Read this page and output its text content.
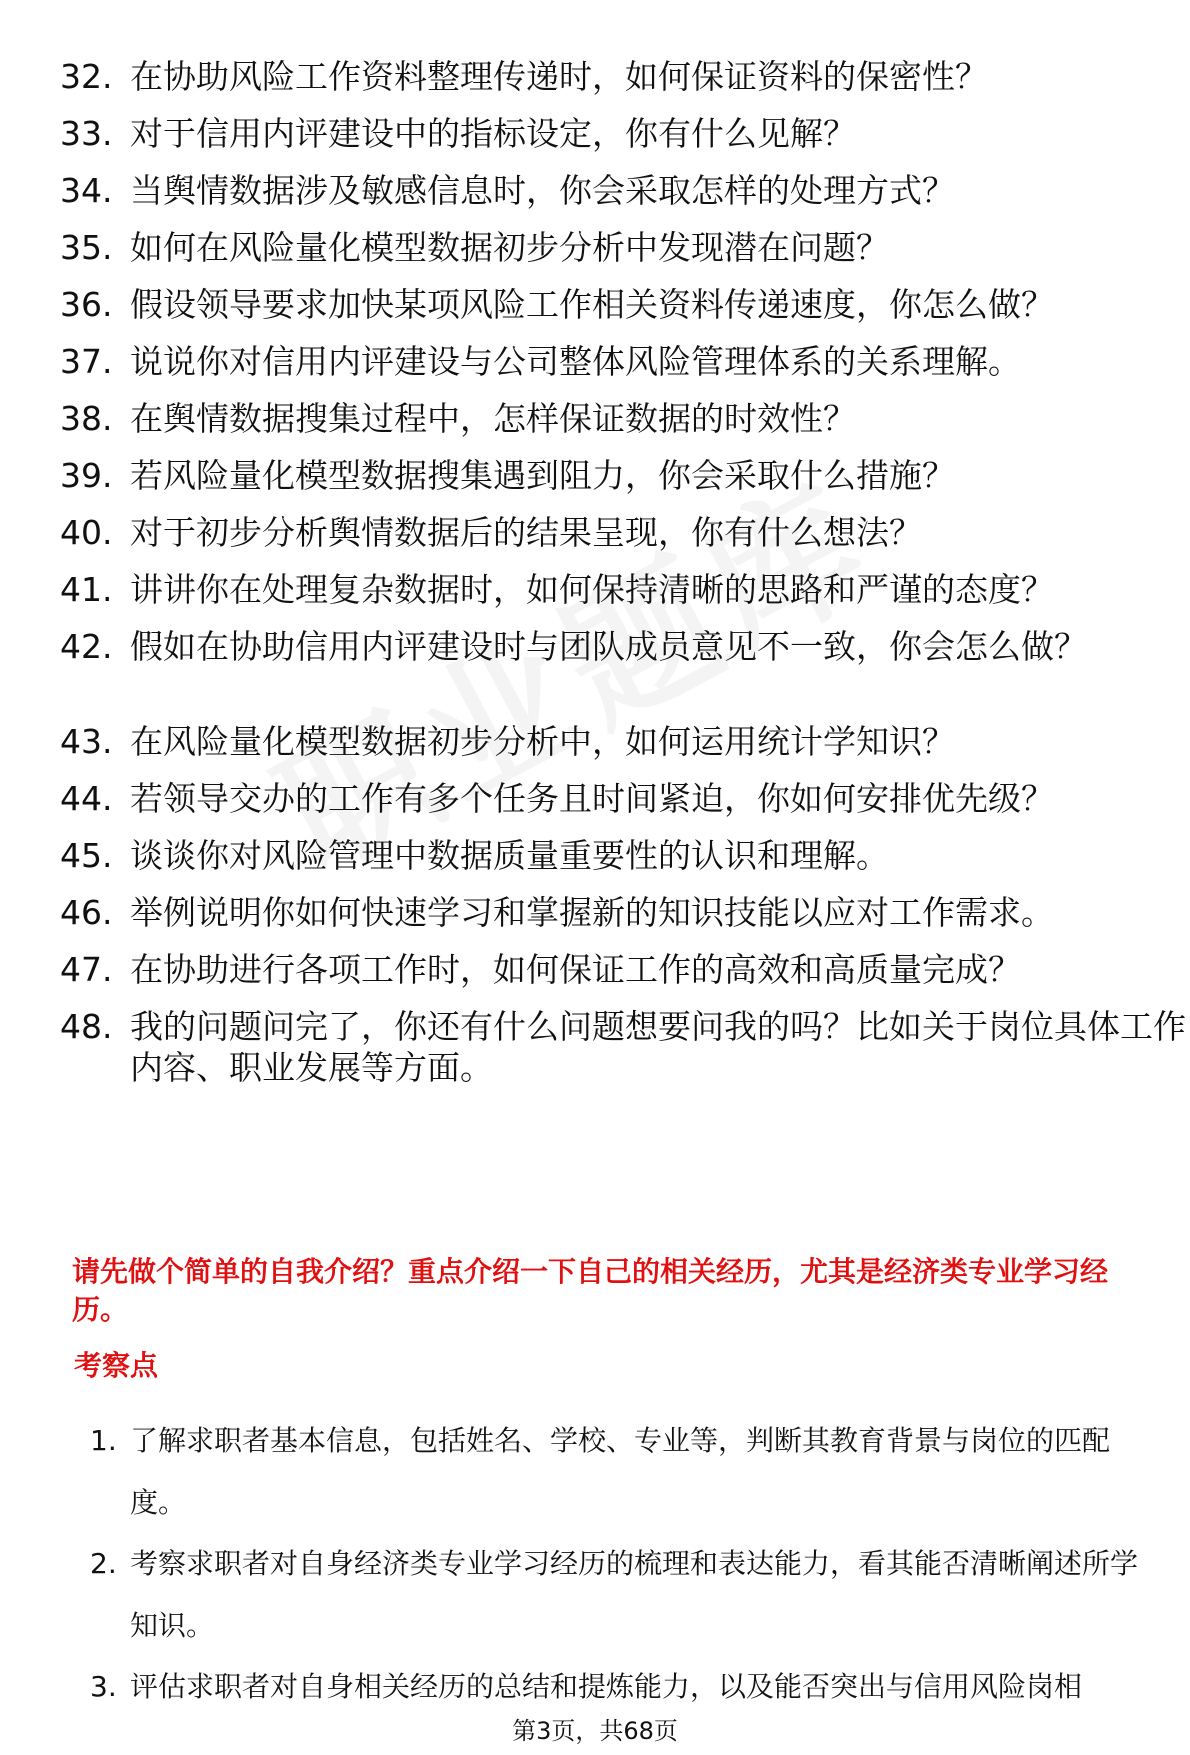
32. 在协助风险工作资料整理传递时，如何保证资料的保密性？
33. 对于信用内评建设中的指标设定，你有什么见解？
34. 当舆情数据涉及敏感信息时，你会采取怎样的处理方式？
35. 如何在风险量化模型数据初步分析中发现潜在问题？
36. 假设领导要求加快某项风险工作相关资料传递速度，你怎么做？
37. 说说你对信用内评建设与公司整体风险管理体系的关系理解。
38. 在舆情数据搜集过程中，怎样保证数据的时效性？
39. 若风险量化模型数据搜集遇到阻力，你会采取什么措施？
40. 对于初步分析舆情数据后的结果呈现，你有什么想法？
41. 讲讲你在处理复杂数据时，如何保持清晰的思路和严谨的态度？
42. 假如在协助信用内评建设时与团队成员意见不一致，你会怎么做？
43. 在风险量化模型数据初步分析中，如何运用统计学知识？
44. 若领导交办的工作有多个任务且时间紧迫，你如何安排优先级？
45. 谈谈你对风险管理中数据质量重要性的认识和理解。
46. 举例说明你如何快速学习和掌握新的知识技能以应对工作需求。
47. 在协助进行各项工作时，如何保证工作的高效和高质量完成？
48. 我的问题问完了，你还有什么问题想要问我的吗？比如关于岗位具体工作内容、职业发展等方面。
请先做个简单的自我介绍？重点介绍一下自己的相关经历，尤其是经济类专业学习经历。
考察点
1. 了解求职者基本信息，包括姓名、学校、专业等，判断其教育背景与岗位的匹配度。
2. 考察求职者对自身经济类专业学习经历的梳理和表达能力，看其能否清晰阐述所学知识。
3. 评估求职者对自身相关经历的总结和提炼能力，以及能否突出与信用风险岗相
第3页，共68页
